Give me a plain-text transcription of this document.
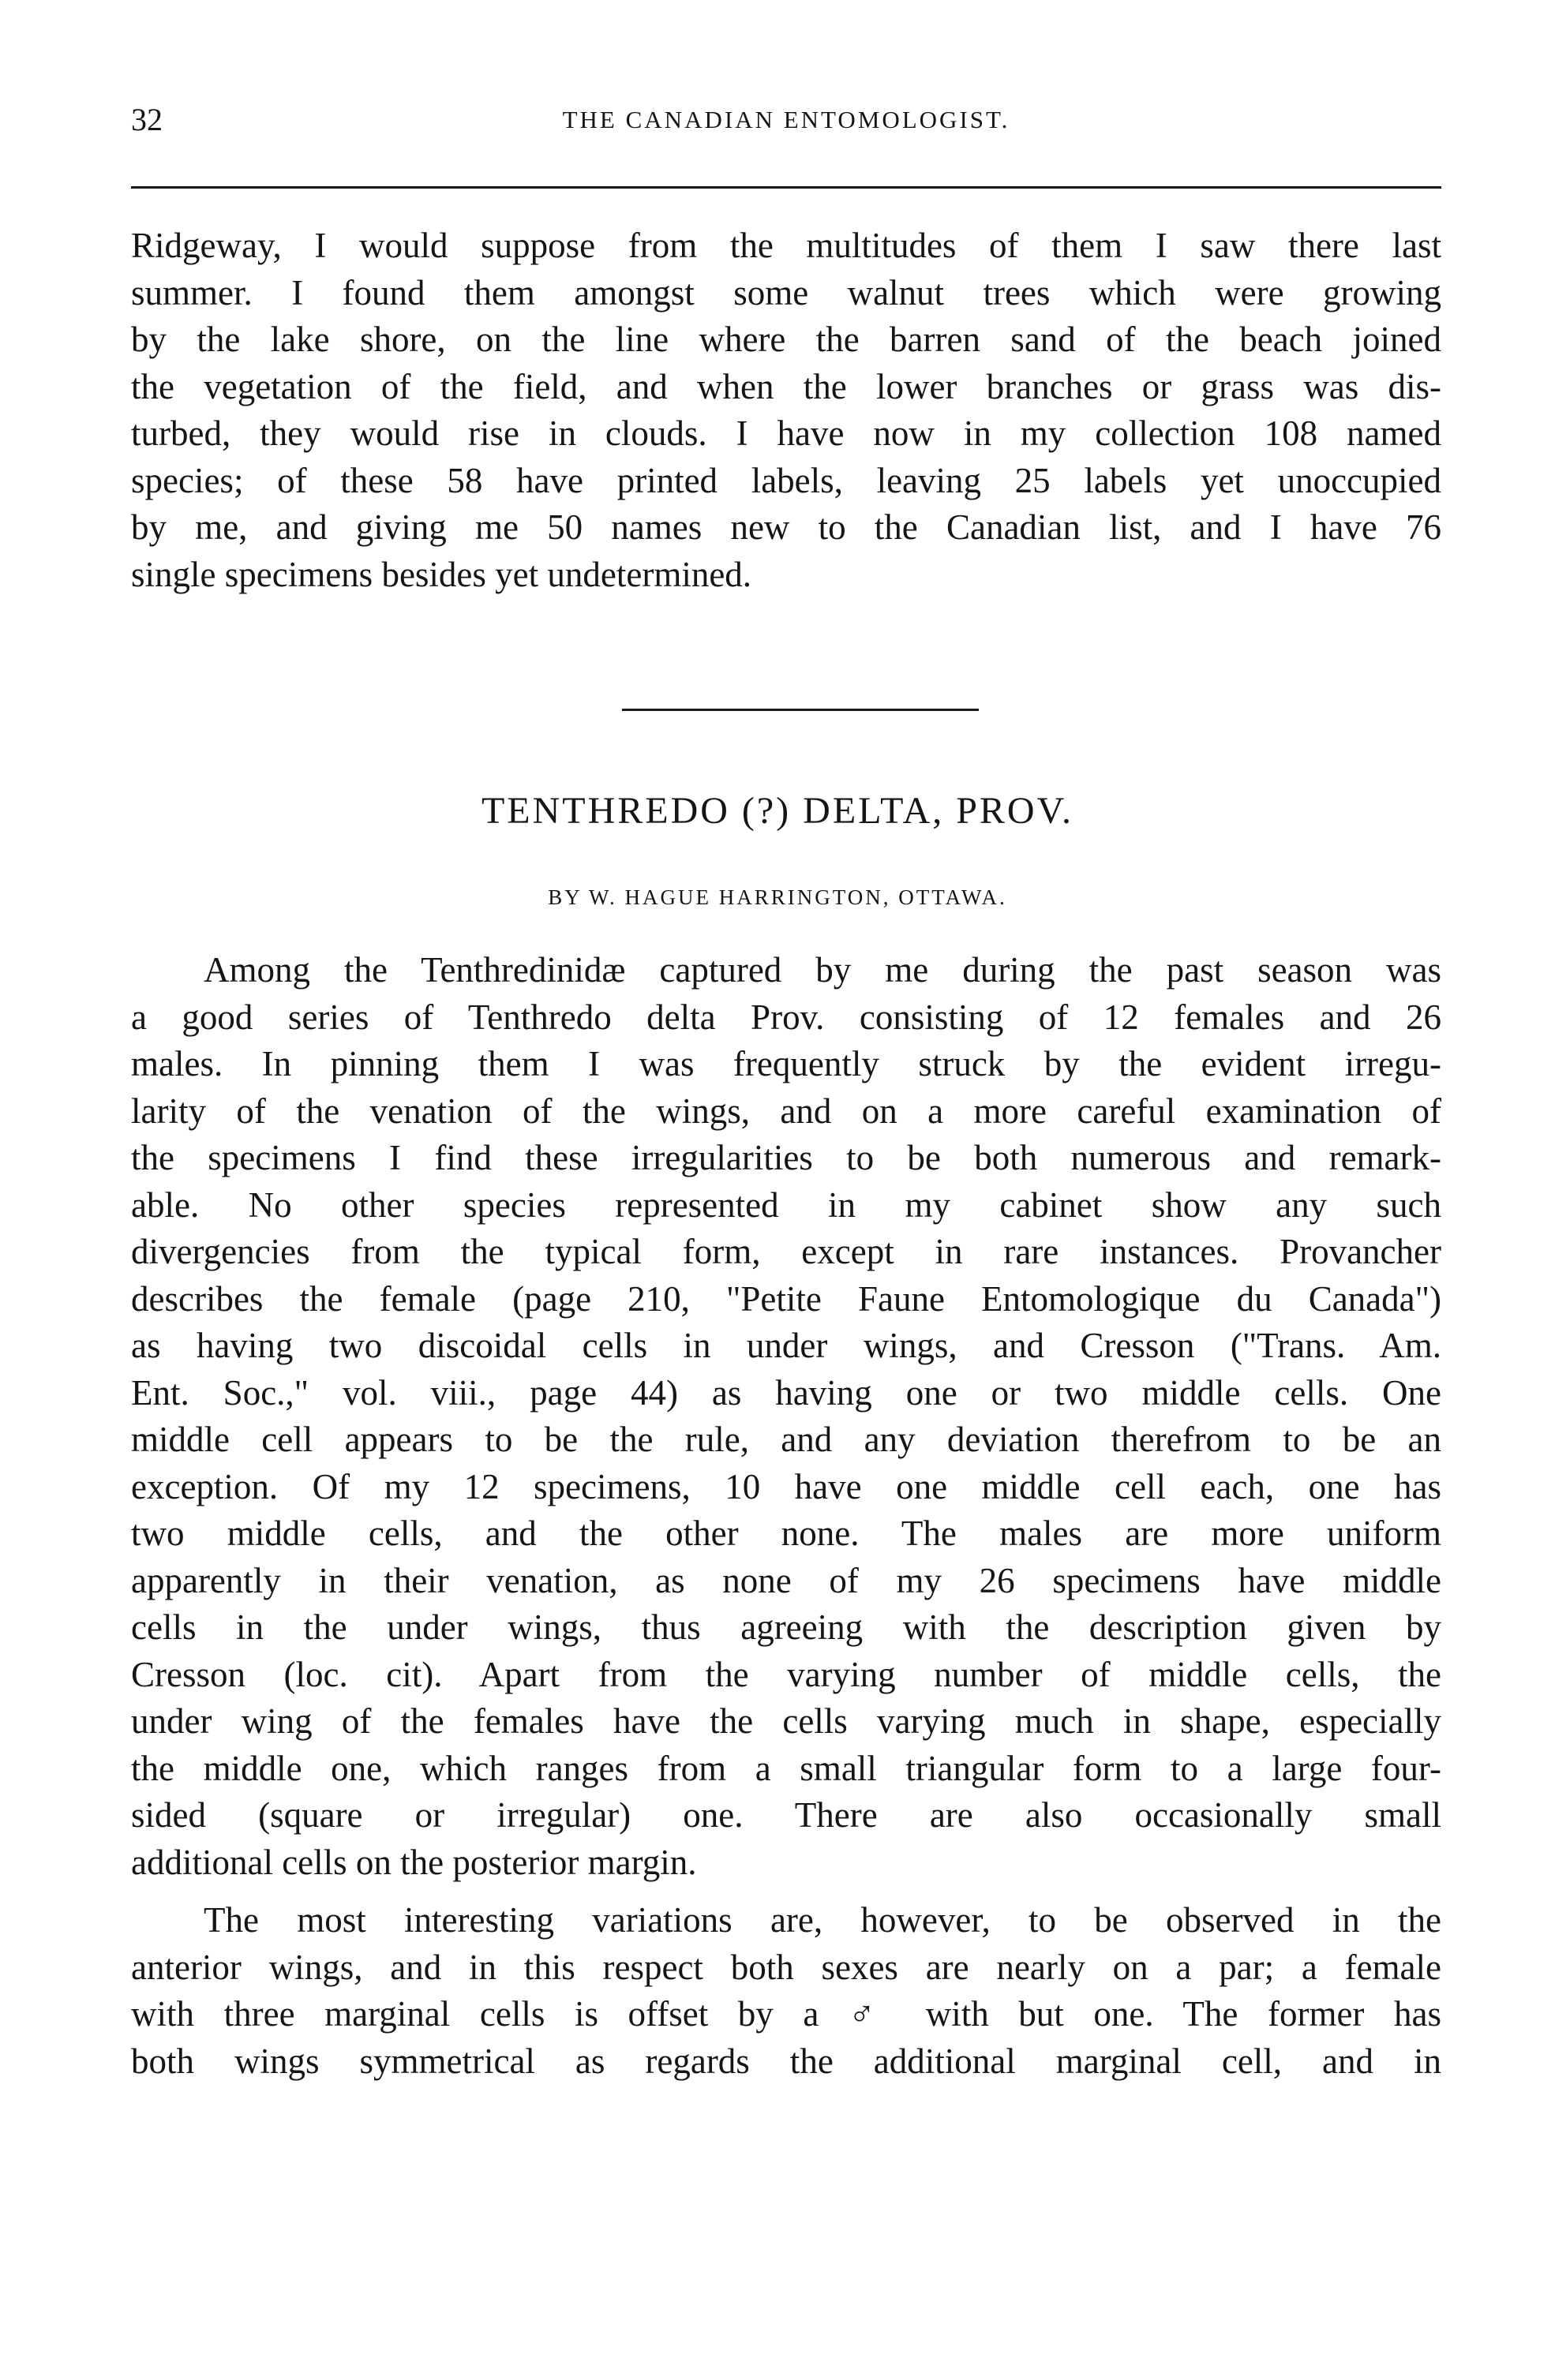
32	THE CANADIAN ENTOMOLOGIST.
Ridgeway, I would suppose from the multitudes of them I saw there last
summer. I found them amongst some walnut trees which were growing
by the lake shore, on the line where the barren sand of the beach joined
the vegetation of the field, and when the lower branches or grass was dis-
turbed, they would rise in clouds. I have now in my collection 108 named
species; of these 58 have printed labels, leaving 25 labels yet unoccupied
by me, and giving me 50 names new to the Canadian list, and I have 76
single specimens besides yet undetermined.
TENTHREDO (?) DELTA, PROV.
BY W. HAGUE HARRINGTON, OTTAWA.
Among the Tenthredinidæ captured by me during the past season was
a good series of Tenthredo delta Prov. consisting of 12 females and 26
males. In pinning them I was frequently struck by the evident irregu-
larity of the venation of the wings, and on a more careful examination of
the specimens I find these irregularities to be both numerous and remark-
able. No other species represented in my cabinet show any such
divergencies from the typical form, except in rare instances. Provancher
describes the female (page 210, "Petite Faune Entomologique du Canada")
as having two discoidal cells in under wings, and Cresson ("Trans. Am.
Ent. Soc.," vol. viii., page 44) as having one or two middle cells. One
middle cell appears to be the rule, and any deviation therefrom to be an
exception. Of my 12 specimens, 10 have one middle cell each, one has
two middle cells, and the other none. The males are more uniform
apparently in their venation, as none of my 26 specimens have middle
cells in the under wings, thus agreeing with the description given by
Cresson (loc. cit). Apart from the varying number of middle cells, the
under wing of the females have the cells varying much in shape, especially
the middle one, which ranges from a small triangular form to a large four-
sided (square or irregular) one. There are also occasionally small
additional cells on the posterior margin.
The most interesting variations are, however, to be observed in the
anterior wings, and in this respect both sexes are nearly on a par; a female
with three marginal cells is offset by a ♂ with but one. The former has
both wings symmetrical as regards the additional marginal cell, and in
